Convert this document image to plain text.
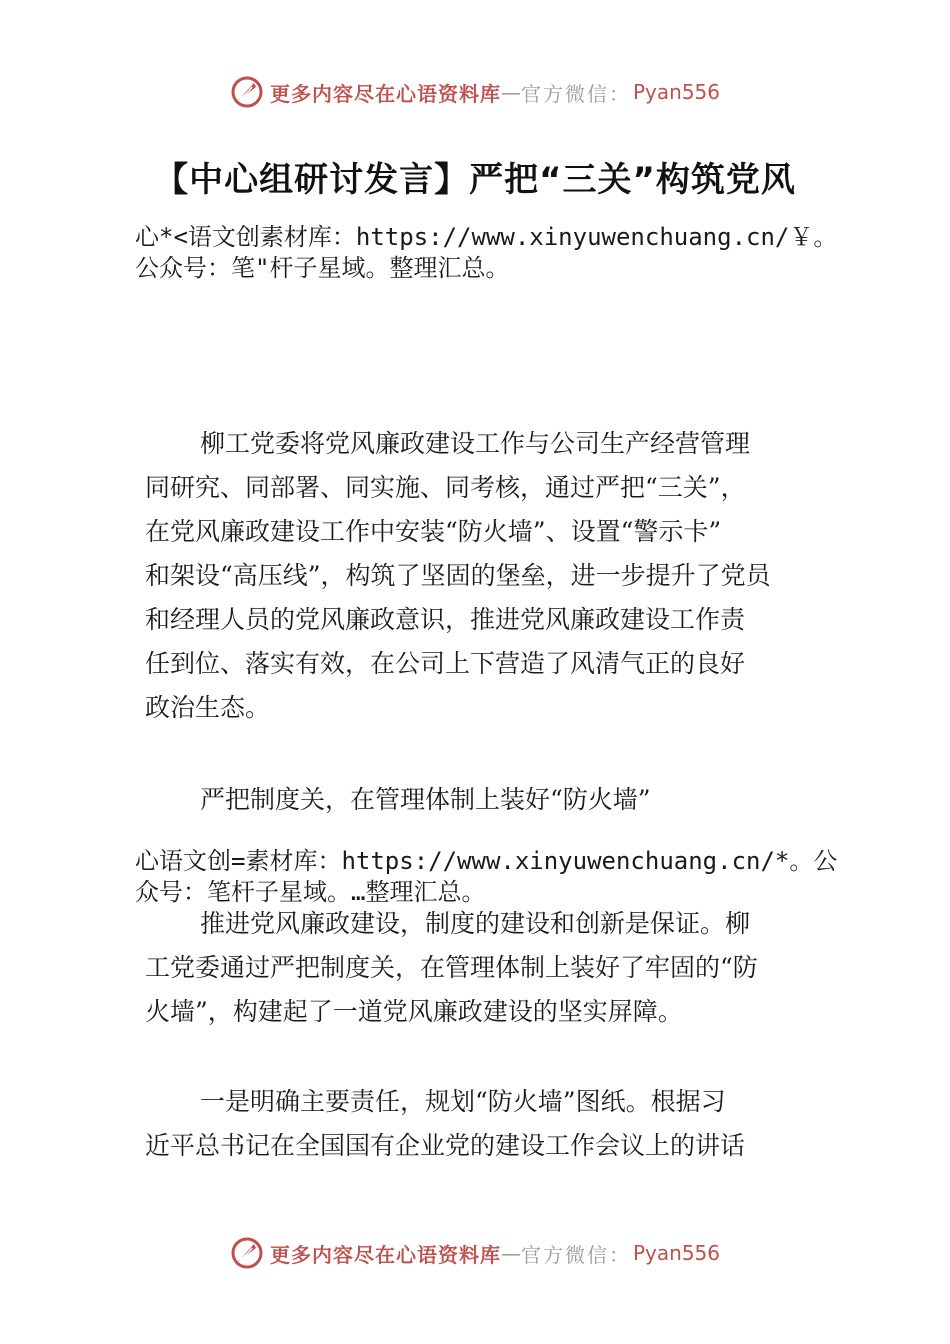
更多内容尽在心语资料库 — 官方微信： Pyan556
【中心组研讨发言】严把“三关”构筑党风
心*<语文创素材库：https://www.xinyuwenchuang.cn/￥。
公众号：笔"杆子星域。整理汇总。
柳工党委将党风廉政建设工作与公司生产经营管理
同研究、同部署、同实施、同考核，通过严把“三关”，
在党风廉政建设工作中安装“防火墙”、设置“警示卡”
和架设“高压线”，构筑了坚固的堡垒，进一步提升了党员
和经理人员的党风廉政意识，推进党风廉政建设工作责
任到位、落实有效，在公司上下营造了风清气正的良好
政治生态。
严把制度关，在管理体制上装好“防火墙”
心语文创=素材库：https://www.xinyuwenchuang.cn/*。公
众号：笔杆子星域。…整理汇总。
推进党风廉政建设，制度的建设和创新是保证。柳
工党委通过严把制度关，在管理体制上装好了牢固的“防
火墙”，构建起了一道党风廉政建设的坚实屏障。
一是明确主要责任，规划“防火墙”图纸。根据习
近平总书记在全国国有企业党的建设工作会议上的讲话
更多内容尽在心语资料库 — 官方微信： Pyan556
